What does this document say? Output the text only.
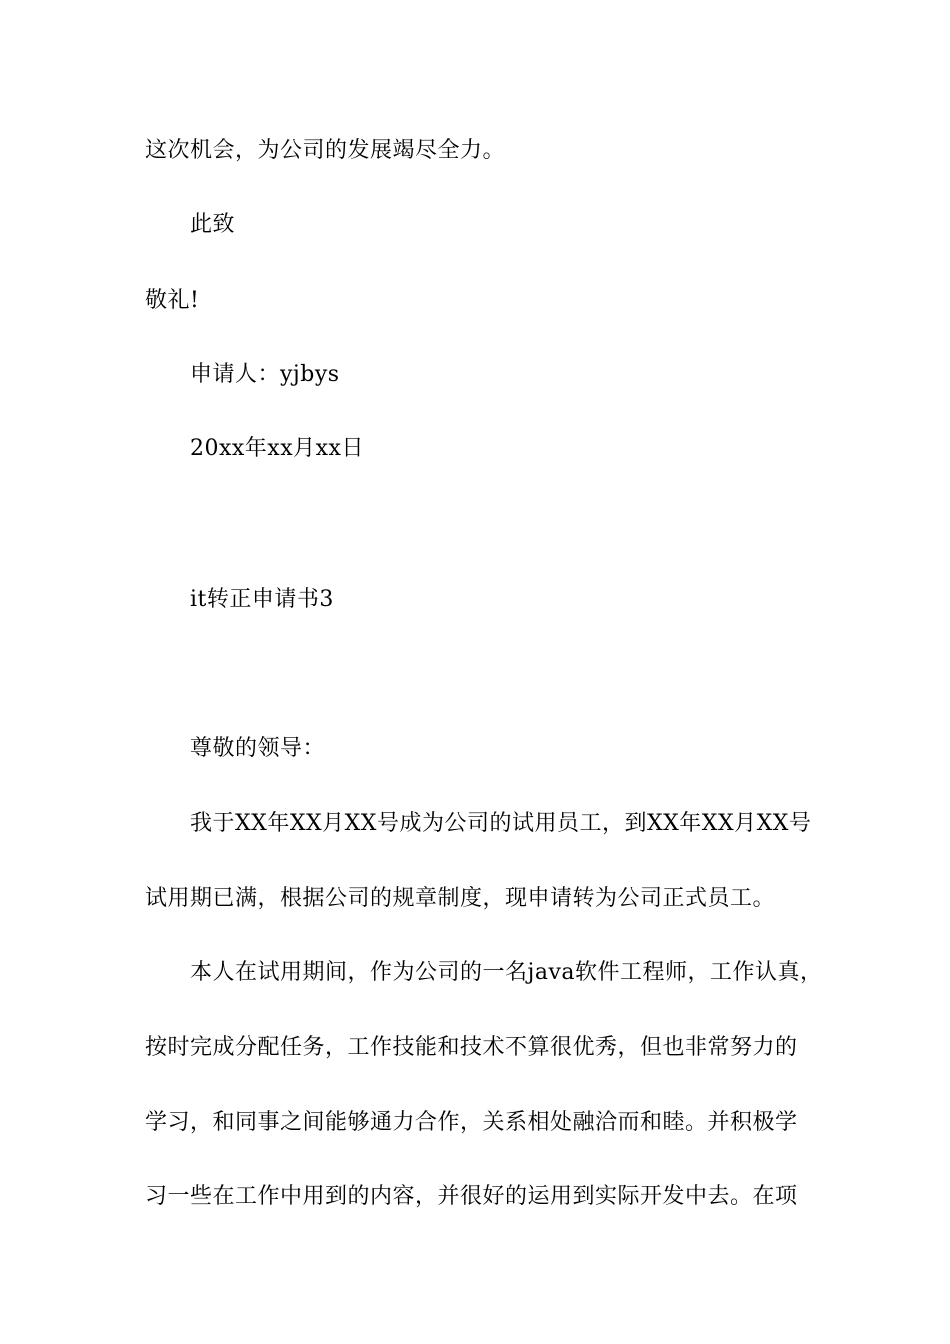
这次机会，为公司的发展竭尽全力。
此致
敬礼!
申请人：yjbys
20xx年xx月xx日
it转正申请书3
尊敬的领导：
我于XX年XX月XX号成为公司的试用员工，到XX年XX月XX号
试用期已满，根据公司的规章制度，现申请转为公司正式员工。
本人在试用期间，作为公司的一名java软件工程师，工作认真，
按时完成分配任务，工作技能和技术不算很优秀，但也非常努力的
学习，和同事之间能够通力合作，关系相处融洽而和睦。并积极学
习一些在工作中用到的内容，并很好的运用到实际开发中去。在项
